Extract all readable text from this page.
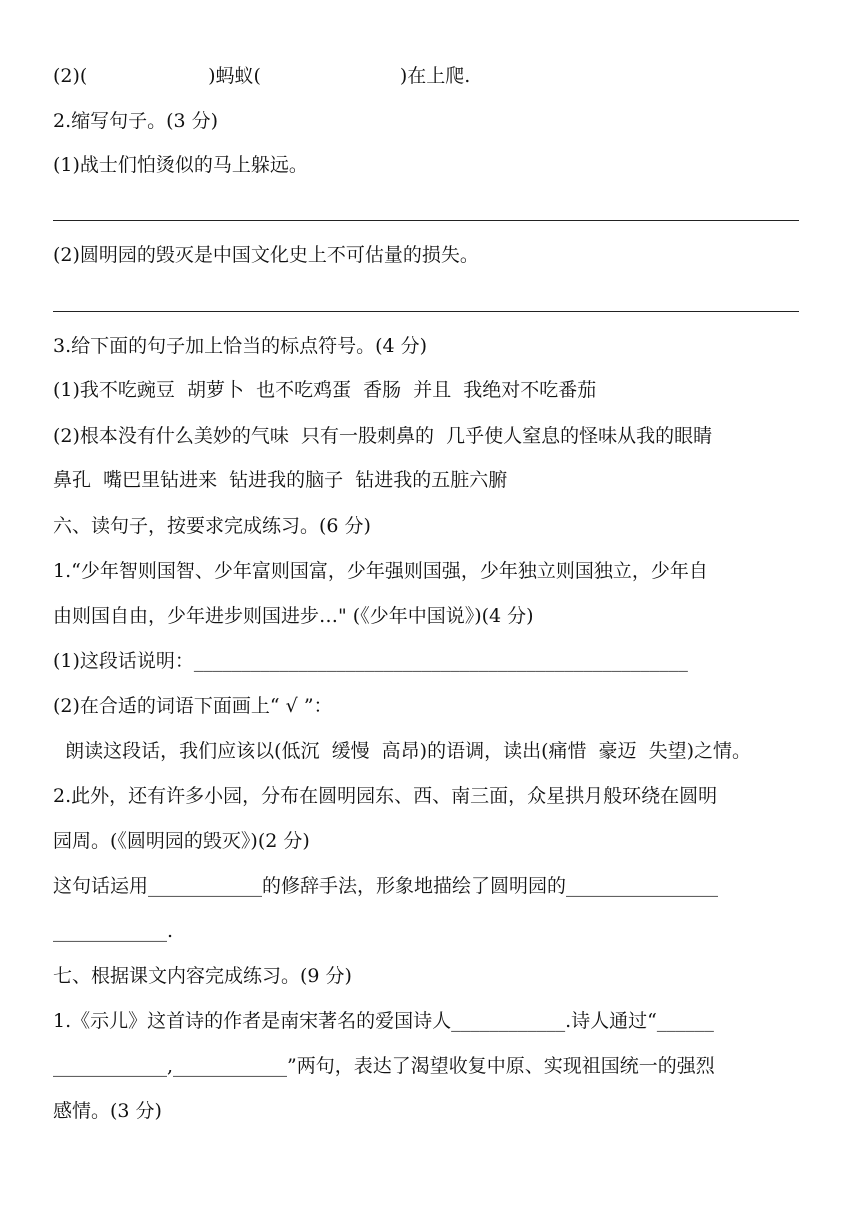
(2)(                    )蚂蚁(                       )在上爬.
2.缩写句子。(3 分)
(1)战士们怕烫似的马上躲远。
(2)圆明园的毁灭是中国文化史上不可估量的损失。
3.给下面的句子加上恰当的标点符号。(4 分)
(1)我不吃豌豆  胡萝卜  也不吃鸡蛋  香肠  并且  我绝对不吃番茄
(2)根本没有什么美妙的气味  只有一股刺鼻的  几乎使人窒息的怪味从我的眼睛
鼻孔  嘴巴里钻进来  钻进我的脑子  钻进我的五脏六腑
六、读句子，按要求完成练习。(6 分)
1.“少年智则国智、少年富则国富，少年强则国强，少年独立则国独立，少年自
由则国自由，少年进步则国进步…" (《少年中国说》)(4 分)
(1)这段话说明：____________________________________________________
(2)在合适的词语下面画上“ √ ”：
朗读这段话，我们应该以(低沉  缓慢  高昂)的语调，读出(痛惜  豪迈  失望)之情。
2.此外，还有许多小园，分布在圆明园东、西、南三面，众星拱月般环绕在圆明
园周。(《圆明园的毁灭》)(2 分)
这句话运用____________的修辞手法，形象地描绘了圆明园的________________
____________.
七、根据课文内容完成练习。(9 分)
1.《示儿》这首诗的作者是南宋著名的爱国诗人____________.诗人通过“______
____________,____________”两句，表达了渴望收复中原、实现祖国统一的强烈
感情。(3 分)
